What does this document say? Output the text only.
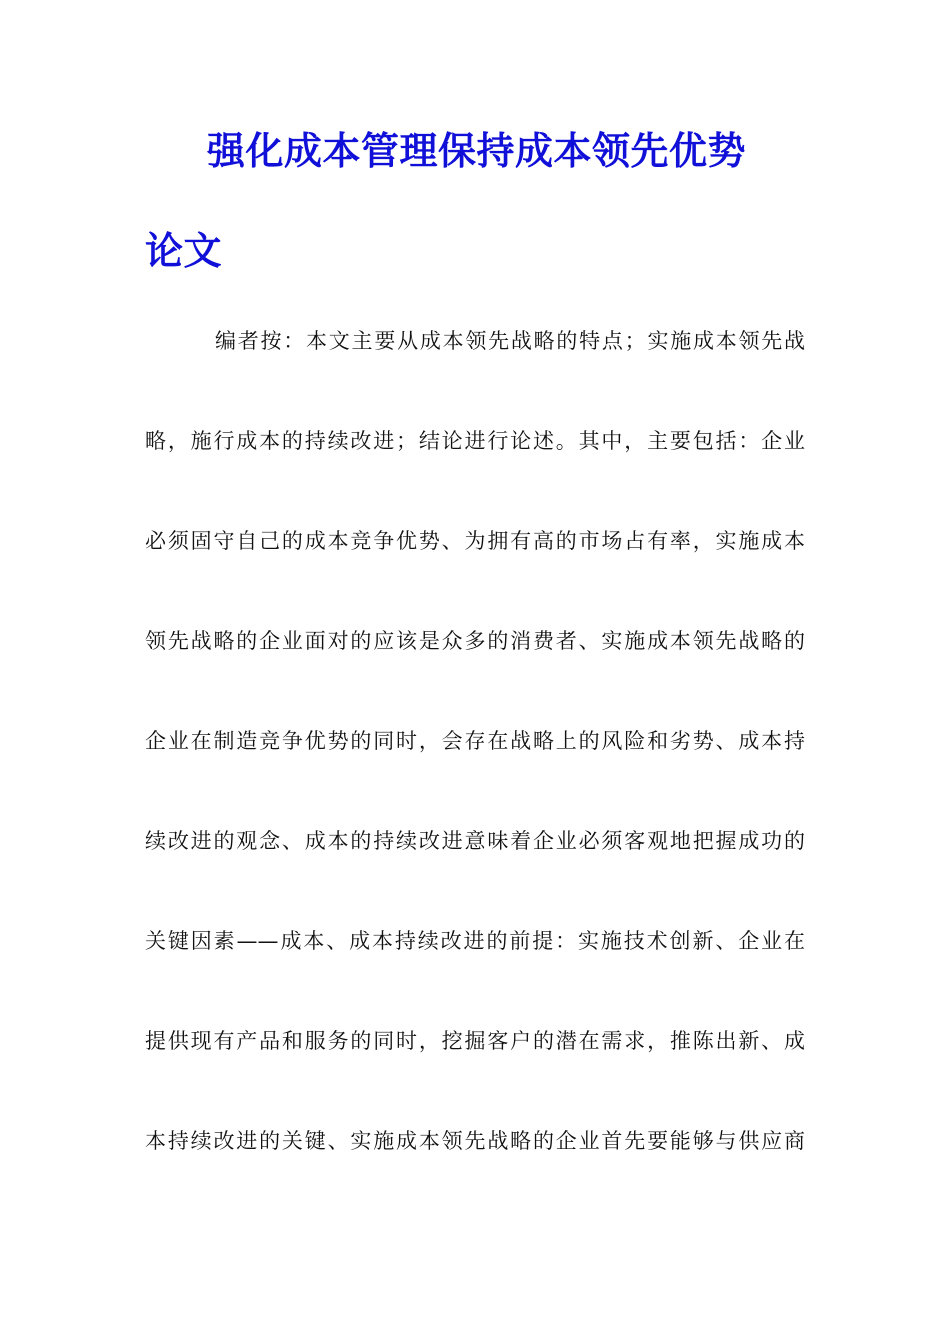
强化成本管理保持成本领先优势
论文
编者按：本文主要从成本领先战略的特点；实施成本领先战
略，施行成本的持续改进；结论进行论述。其中，主要包括：企业
必须固守自己的成本竞争优势、为拥有高的市场占有率，实施成本
领先战略的企业面对的应该是众多的消费者、实施成本领先战略的
企业在制造竞争优势的同时，会存在战略上的风险和劣势、成本持
续改进的观念、成本的持续改进意味着企业必须客观地把握成功的
关键因素——成本、成本持续改进的前提：实施技术创新、企业在
提供现有产品和服务的同时，挖掘客户的潜在需求，推陈出新、成
本持续改进的关键、实施成本领先战略的企业首先要能够与供应商
